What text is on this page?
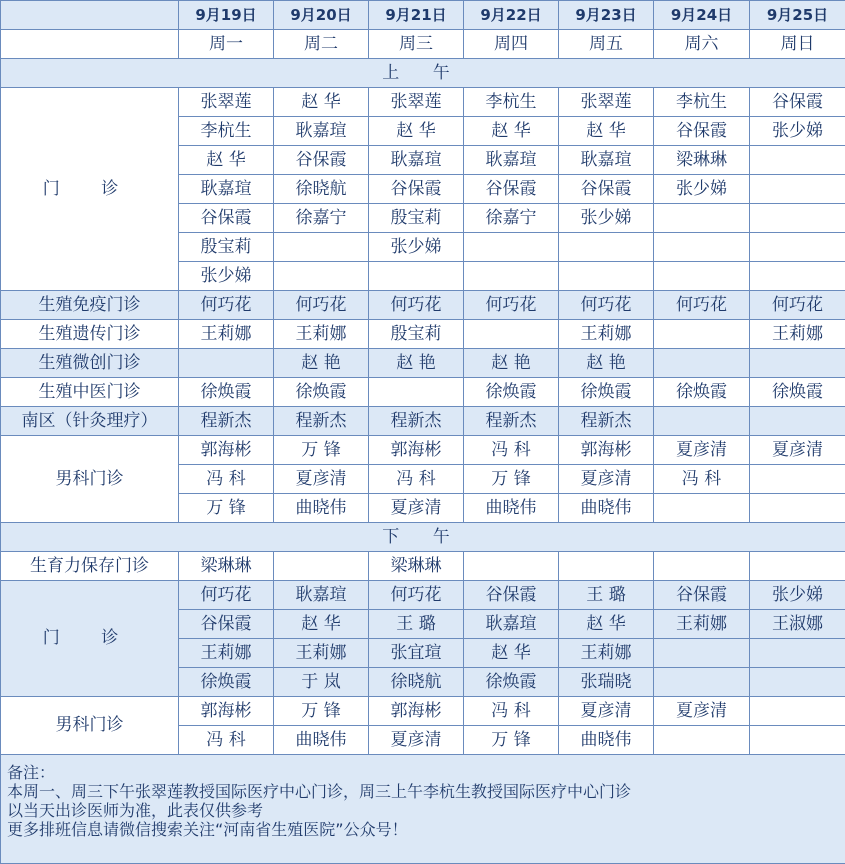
	9月19日	9月20日	9月21日	9月22日	9月23日	9月24日	9月25日
	周一	周二	周三	周四	周五	周六	周日
上 午							
门 诊	张翠莲	赵 华	张翠莲	李杭生	张翠莲	李杭生	谷保霞
	李杭生	耿嘉瑄	赵 华	赵 华	赵 华	谷保霞	张少娣
	赵 华	谷保霞	耿嘉瑄	耿嘉瑄	耿嘉瑄	梁琳琳	
	耿嘉瑄	徐晓航	谷保霞	谷保霞	谷保霞	张少娣	
	谷保霞	徐嘉宁	殷宝莉	徐嘉宁	张少娣		
	殷宝莉		张少娣				
	张少娣						
生殖免疫门诊	何巧花	何巧花	何巧花	何巧花	何巧花	何巧花	何巧花
生殖遗传门诊	王莉娜	王莉娜	殷宝莉		王莉娜		王莉娜
生殖微创门诊		赵 艳	赵 艳	赵 艳	赵 艳		
生殖中医门诊	徐焕霞	徐焕霞		徐焕霞	徐焕霞	徐焕霞	徐焕霞
南区（针灸理疗）	程新杰	程新杰	程新杰	程新杰	程新杰		
男科门诊	郭海彬	万 锋	郭海彬	冯 科	郭海彬	夏彦清	夏彦清
	冯 科	夏彦清	冯 科	万 锋	夏彦清	冯 科	
	万 锋	曲晓伟	夏彦清	曲晓伟	曲晓伟		
下 午							
生育力保存门诊	梁琳琳		梁琳琳				
门 诊	何巧花	耿嘉瑄	何巧花	谷保霞	王 璐	谷保霞	张少娣
	谷保霞	赵 华	王 璐	耿嘉瑄	赵 华	王莉娜	王淑娜
	王莉娜	王莉娜	张宜瑄	赵 华	王莉娜		
	徐焕霞	于 岚	徐晓航	徐焕霞	张瑞晓		
男科门诊	郭海彬	万 锋	郭海彬	冯 科	夏彦清	夏彦清	
	冯 科	曲晓伟	夏彦清	万 锋	曲晓伟		

备注：
本周一、周三下午张翠莲教授国际医疗中心门诊，周三上午李杭生教授国际医疗中心门诊
以当天出诊医师为准，此表仅供参考
更多排班信息请微信搜索关注“河南省生殖医院”公众号！							
